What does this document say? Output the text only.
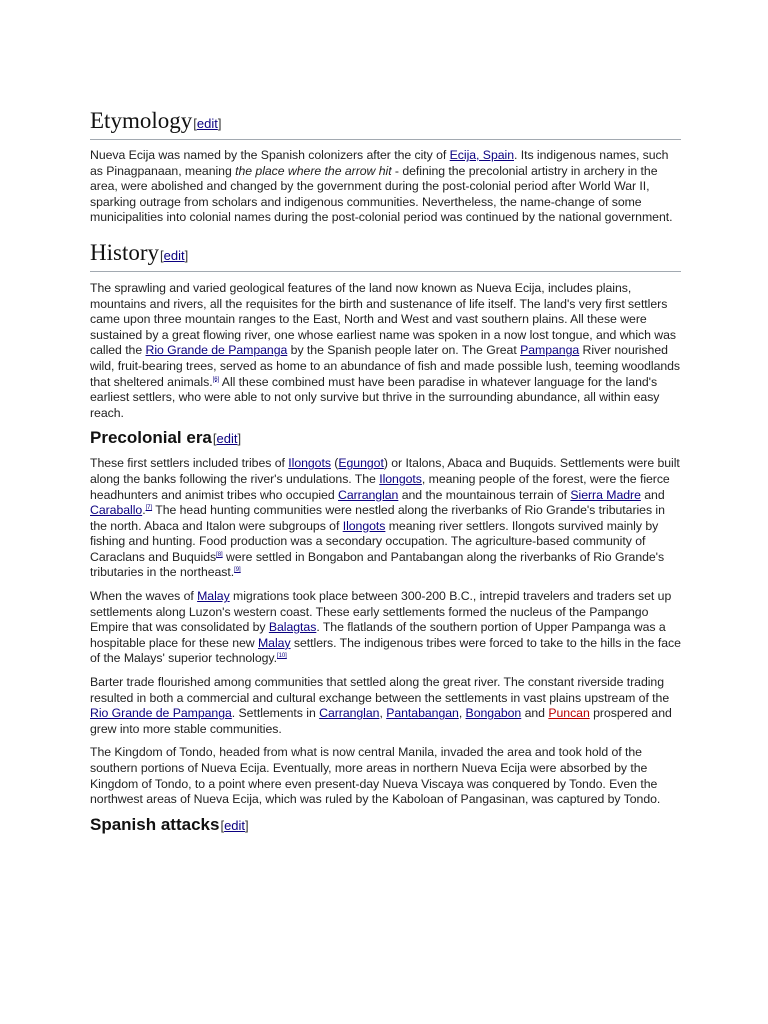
Etymology[edit]

Nueva Ecija was named by the Spanish colonizers after the city of Ecija, Spain. Its indigenous names, such as Pinagpanaan, meaning the place where the arrow hit - defining the precolonial artistry in archery in the area, were abolished and changed by the government during the post-colonial period after World War II, sparking outrage from scholars and indigenous communities. Nevertheless, the name-change of some municipalities into colonial names during the post-colonial period was continued by the national government.

History[edit]

The sprawling and varied geological features of the land now known as Nueva Ecija, includes plains, mountains and rivers, all the requisites for the birth and sustenance of life itself. The land's very first settlers came upon three mountain ranges to the East, North and West and vast southern plains. All these were sustained by a great flowing river, one whose earliest name was spoken in a now lost tongue, and which was called the Rio Grande de Pampanga by the Spanish people later on. The Great Pampanga River nourished wild, fruit-bearing trees, served as home to an abundance of fish and made possible lush, teeming woodlands that sheltered animals.[6] All these combined must have been paradise in whatever language for the land's earliest settlers, who were able to not only survive but thrive in the surrounding abundance, all within easy reach.

Precolonial era[edit]

These first settlers included tribes of Ilongots (Egungot) or Italons, Abaca and Buquids. Settlements were built along the banks following the river's undulations. The Ilongots, meaning people of the forest, were the fierce headhunters and animist tribes who occupied Carranglan and the mountainous terrain of Sierra Madre and Caraballo.[7] The head hunting communities were nestled along the riverbanks of Rio Grande's tributaries in the north. Abaca and Italon were subgroups of Ilongots meaning river settlers. Ilongots survived mainly by fishing and hunting. Food production was a secondary occupation. The agriculture-based community of Caraclans and Buquids[8] were settled in Bongabon and Pantabangan along the riverbanks of Rio Grande's tributaries in the northeast.[9]

When the waves of Malay migrations took place between 300-200 B.C., intrepid travelers and traders set up settlements along Luzon's western coast. These early settlements formed the nucleus of the Pampango Empire that was consolidated by Balagtas. The flatlands of the southern portion of Upper Pampanga was a hospitable place for these new Malay settlers. The indigenous tribes were forced to take to the hills in the face of the Malays' superior technology.[10]

Barter trade flourished among communities that settled along the great river. The constant riverside trading resulted in both a commercial and cultural exchange between the settlements in vast plains upstream of the Rio Grande de Pampanga. Settlements in Carranglan, Pantabangan, Bongabon and Puncan prospered and grew into more stable communities.

The Kingdom of Tondo, headed from what is now central Manila, invaded the area and took hold of the southern portions of Nueva Ecija. Eventually, more areas in northern Nueva Ecija were absorbed by the Kingdom of Tondo, to a point where even present-day Nueva Viscaya was conquered by Tondo. Even the northwest areas of Nueva Ecija, which was ruled by the Kaboloan of Pangasinan, was captured by Tondo.

Spanish attacks[edit]
